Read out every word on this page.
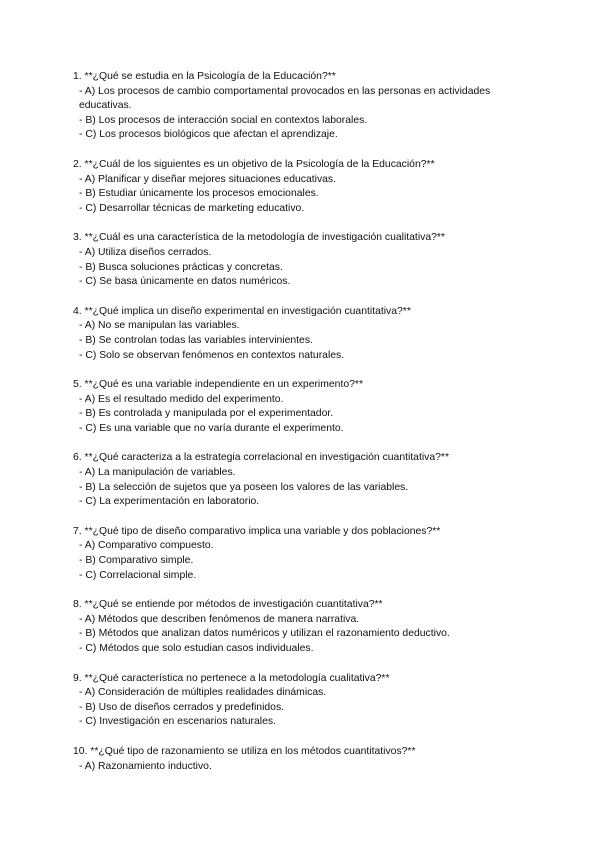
1. **¿Qué se estudia en la Psicología de la Educación?**

- A) Los procesos de cambio comportamental provocados en las personas en actividades educativas.

- B) Los procesos de interacción social en contextos laborales.

- C) Los procesos biológicos que afectan el aprendizaje.

2. **¿Cuál de los siguientes es un objetivo de la Psicología de la Educación?**

- A) Planificar y diseñar mejores situaciones educativas.

- B) Estudiar únicamente los procesos emocionales.

- C) Desarrollar técnicas de marketing educativo.

3. **¿Cuál es una característica de la metodología de investigación cualitativa?**

- A) Utiliza diseños cerrados.

- B) Busca soluciones prácticas y concretas.

- C) Se basa únicamente en datos numéricos.

4. **¿Qué implica un diseño experimental en investigación cuantitativa?**

- A) No se manipulan las variables.

- B) Se controlan todas las variables intervinientes.

- C) Solo se observan fenómenos en contextos naturales.

5. **¿Qué es una variable independiente en un experimento?**

- A) Es el resultado medido del experimento.

- B) Es controlada y manipulada por el experimentador.

- C) Es una variable que no varía durante el experimento.

6. **¿Qué caracteriza a la estrategia correlacional en investigación cuantitativa?**

- A) La manipulación de variables.

- B) La selección de sujetos que ya poseen los valores de las variables.

- C) La experimentación en laboratorio.

7. **¿Qué tipo de diseño comparativo implica una variable y dos poblaciones?**

- A) Comparativo compuesto.

- B) Comparativo simple.

- C) Correlacional simple.

8. **¿Qué se entiende por métodos de investigación cuantitativa?**

- A) Métodos que describen fenómenos de manera narrativa.

- B) Métodos que analizan datos numéricos y utilizan el razonamiento deductivo.

- C) Métodos que solo estudian casos individuales.

9. **¿Qué característica no pertenece a la metodología cualitativa?**

- A) Consideración de múltiples realidades dinámicas.

- B) Uso de diseños cerrados y predefinidos.

- C) Investigación en escenarios naturales.

10. **¿Qué tipo de razonamiento se utiliza en los métodos cuantitativos?**

- A) Razonamiento inductivo.
